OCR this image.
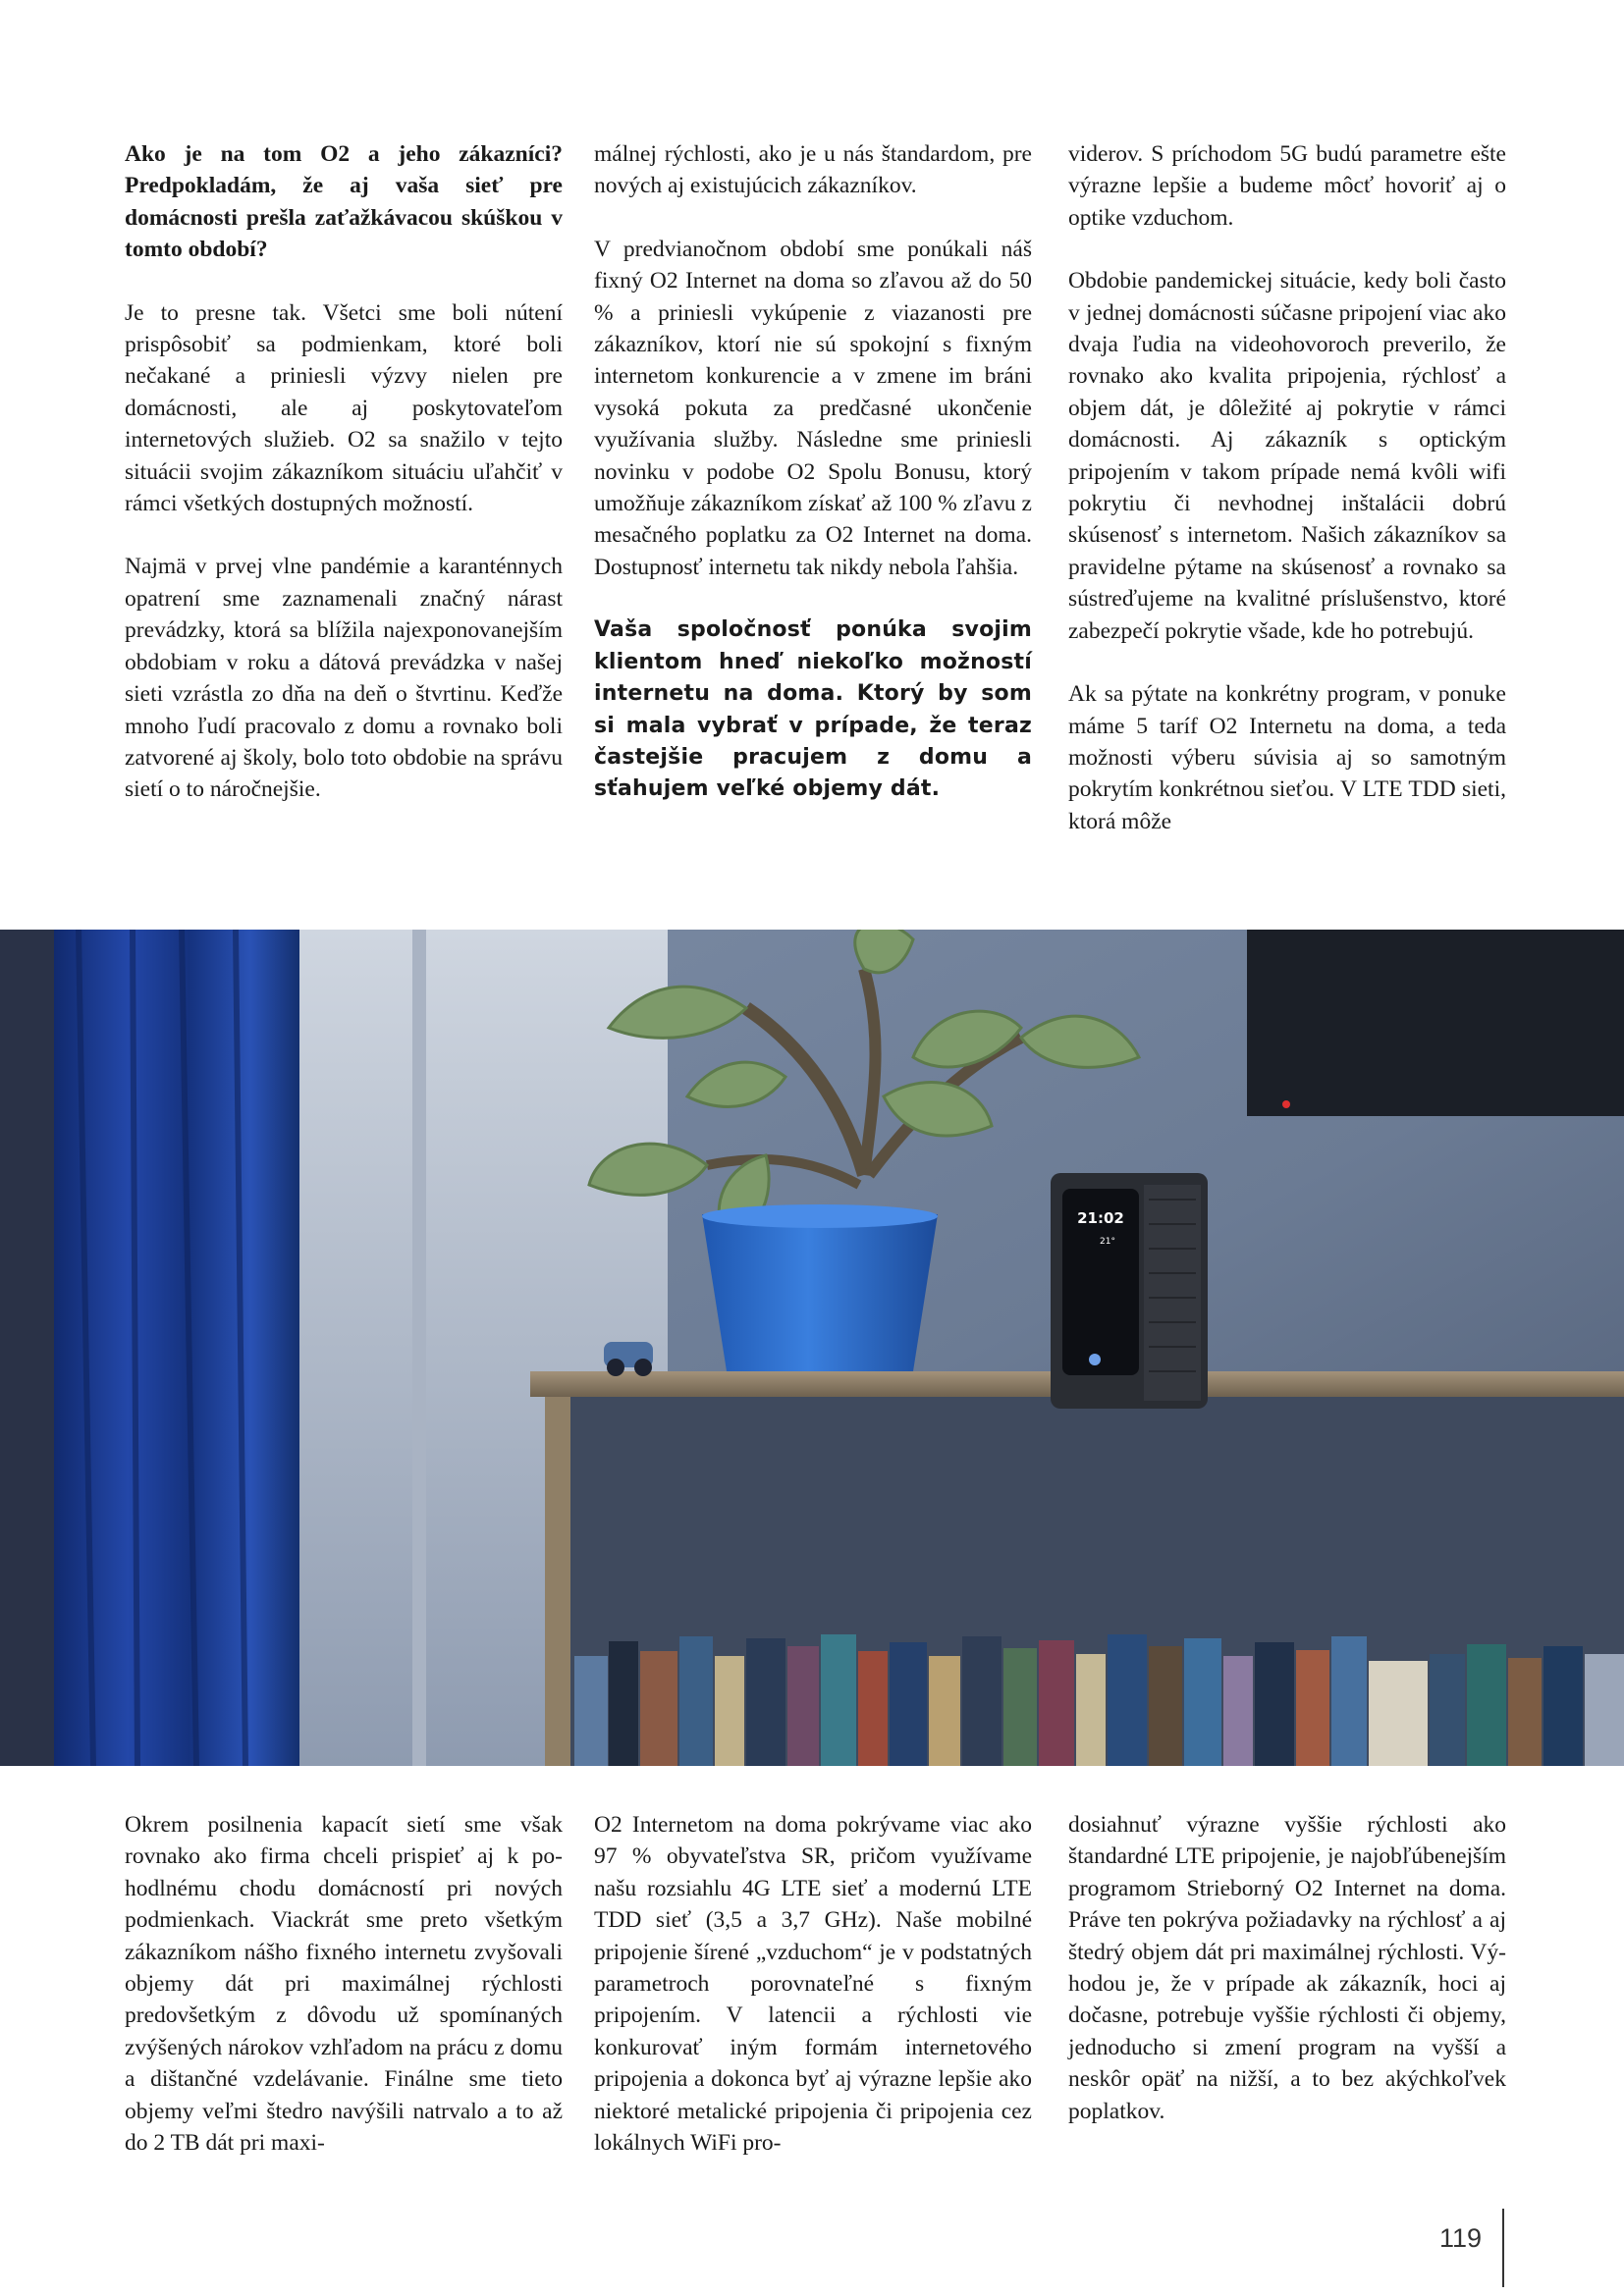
Ako je na tom O2 a jeho zákazníci? Predpokladám, že aj vaša sieť pre domácnosti prešla zaťažkávacou skúškou v tomto období?

Je to presne tak. Všetci sme boli nútení prispôsobiť sa podmienkam, ktoré boli nečakané a priniesli výzvy nielen pre domácnosti, ale aj poskytovateľom internetových služieb. O2 sa snažilo v tejto situácii svojim zákazníkom situáciu uľahčiť v rámci všetkých dostupných možností.

Najmä v prvej vlne pandémie a karanténnych opatrení sme zaznamenali značný nárast prevádzky, ktorá sa blížila najexponovanejším obdobiam v roku a dátová prevádzka v našej sieti vzrástla zo dňa na deň o štvrtinu. Keďže mnoho ľudí pracovalo z domu a rovnako boli zatvorené aj školy, bolo toto obdobie na správu sietí o to náročnejšie.

málnej rýchlosti, ako je u nás štandardom, pre nových aj existujúcich zákazníkov.

V predvianočnom období sme ponúkali náš fixný O2 Internet na doma so zľavou až do 50 % a priniesli vykúpenie z viazanosti pre zákazníkov, ktorí nie sú spokojní s fixným internetom konkurencie a v zmene im bráni vysoká pokuta za predčasné ukončenie využívania služby. Následne sme priniesli novinku v podobe O2 Spolu Bonusu, ktorý umožňuje zákazníkom získať až 100 % zľavu z mesačného poplatku za O2 Internet na doma. Dostupnosť internetu tak nikdy nebola ľahšia.

Vaša spoločnosť ponúka svojim klientom hneď niekoľko možností internetu na doma. Ktorý by som si mala vybrať v prípade, že teraz častejšie pracujem z domu a sťahujem veľké objemy dát.

viderov. S príchodom 5G budú parametre ešte výrazne lepšie a budeme môcť hovoriť aj o optike vzduchom.

Obdobie pandemickej situácie, kedy boli často v jednej domácnosti súčasne pripojení viac ako dvaja ľudia na videohovoroch preverilo, že rovnako ako kvalita pripojenia, rýchlosť a objem dát, je dôležité aj pokrytie v rámci domácnosti. Aj zákazník s optickým pripojením v takom prípade nemá kvôli wifi pokrytiu či nevhodnej inštalácii dobrú skúsenosť s internetom. Našich zákazníkov sa pravidelne pýtame na skúsenosť a rovnako sa sústreďujeme na kvalitné príslušenstvo, ktoré zabezpečí pokrytie všade, kde ho potrebujú.

Ak sa pýtate na konkrétny program, v ponuke máme 5 taríf O2 Internetu na doma, a teda možnosti výberu súvisia aj so samotným pokrytím konkrétnou sieťou. V LTE TDD sieti, ktorá môže

21:02
21°

Okrem posilnenia kapacít sietí sme však rovnako ako firma chceli prispieť aj k pohodlnému chodu domácností pri nových podmienkach. Viackrát sme preto všetkým zákazníkom nášho fixného internetu zvyšovali objemy dát pri maximálnej rýchlosti predovšetkým z dôvodu už spomínaných zvýšených nárokov vzhľadom na prácu z domu a dištančné vzdelávanie. Finálne sme tieto objemy veľmi štedro navýšili natrvalo a to až do 2 TB dát pri maxi-

O2 Internetom na doma pokrývame viac ako 97 % obyvateľstva SR, pričom využívame našu rozsiahlu 4G LTE sieť a modernú LTE TDD sieť (3,5 a 3,7 GHz). Naše mobilné pripojenie šírené „vzduchom“ je v podstatných parametroch porovnateľné s fixným pripojením. V latencii a rýchlosti vie konkurovať iným formám internetového pripojenia a dokonca byť aj výrazne lepšie ako niektoré metalické pripojenia či pripojenia cez lokálnych WiFi pro-

dosiahnuť výrazne vyššie rýchlosti ako štandardné LTE pripojenie, je najobľúbenejším programom Strieborný O2 Internet na doma. Práve ten pokrýva požiadavky na rýchlosť a aj štedrý objem dát pri maximálnej rýchlosti. Výhodou je, že v prípade ak zákazník, hoci aj dočasne, potrebuje vyššie rýchlosti či objemy, jednoducho si zmení program na vyšší a neskôr opäť na nižší, a to bez akýchkoľvek poplatkov.

119
